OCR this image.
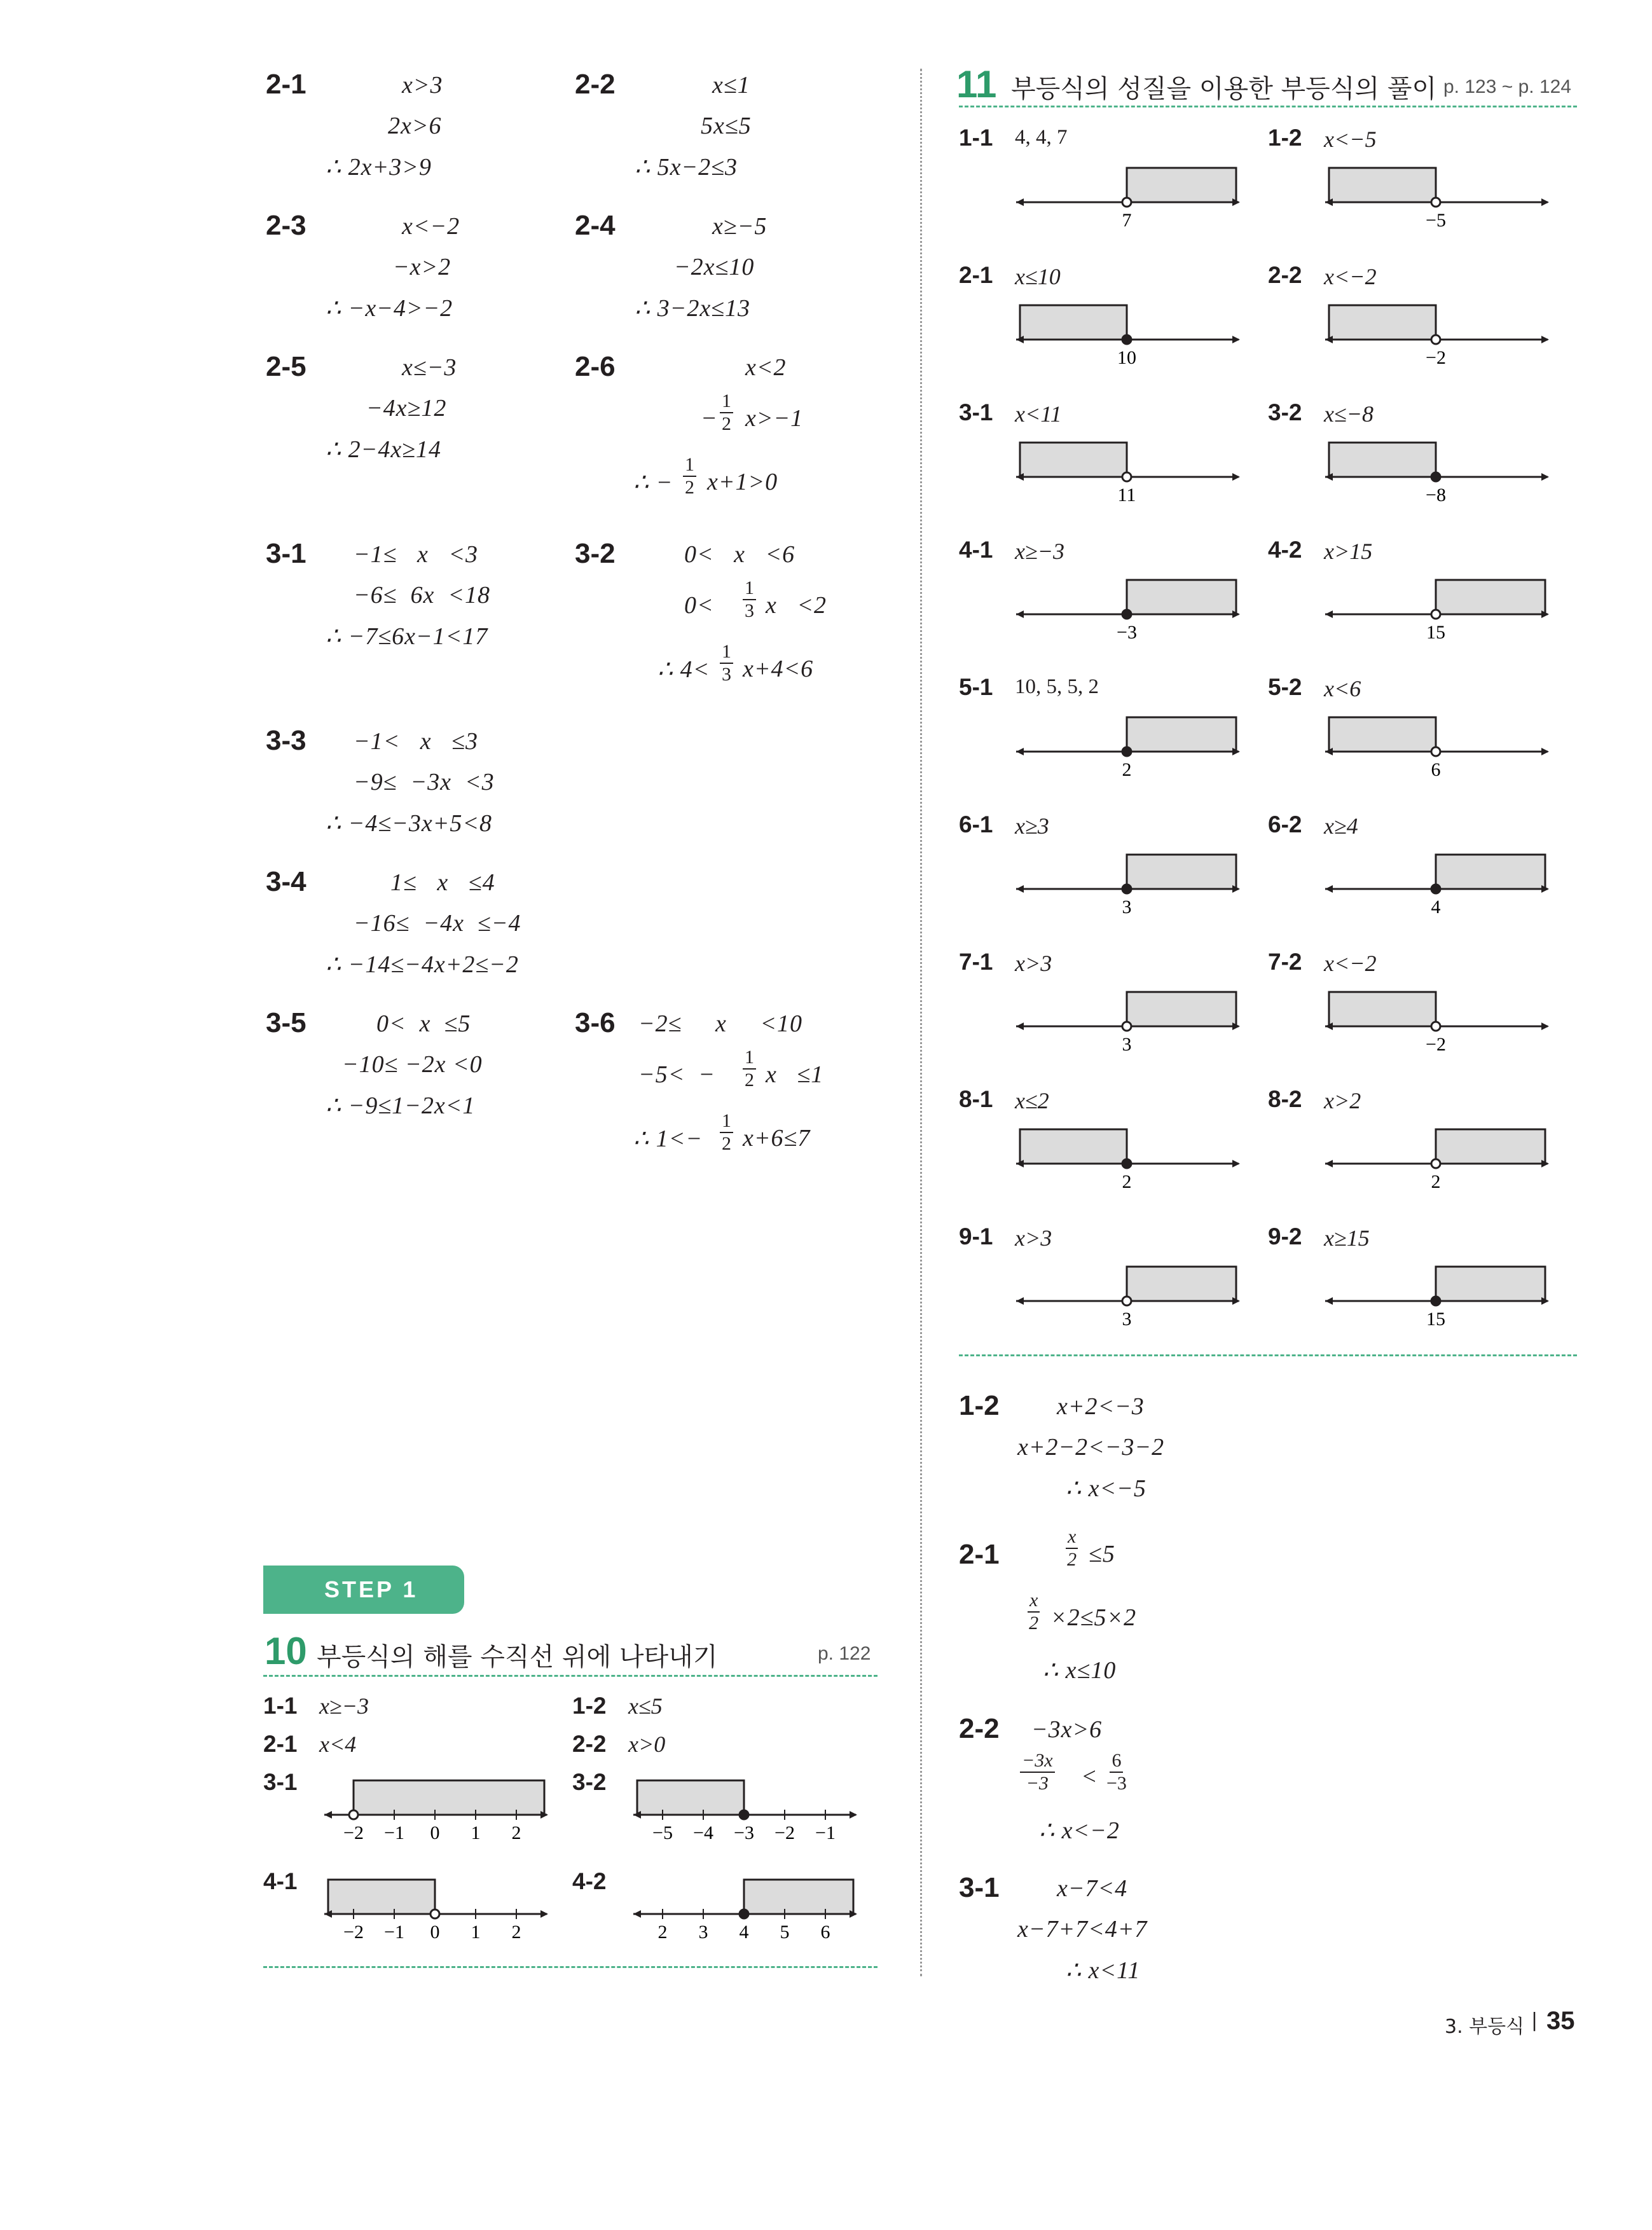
2-1	x>3
2x>6
∴ 2x+3>9
2-2	x≤1
5x≤5
∴ 5x−2≤3
2-3	x<−2
−x>2
∴ −x−4>−2
2-4	x≥−5
−2x≤10
∴ 3−2x≤13
2-5	x≤−3
−4x≥12
∴ 2−4x≥14
2-6	x<2
− $\frac{1}{2} x>-1$
∴ − $\frac{1}{2} x+1>0$
3-1 −1≤   x   <3
−6≤  6x  <18
∴ −7≤6x−1<17
3-2	0<   x   <6
$0< \frac{1}{3}$ x   <2
∴ $4< \frac{1}{3} x+4<6$
3-3 −1<   x   ≤3
−9≤  −3x  <3
∴ −4≤−3x+5<8
3-4	1≤   x   ≤4
−16≤  −4x  ≤−4
∴ −14≤−4x+2≤−2
3-5	0<  x  ≤5
−10≤ −2x <0
∴ −9≤1−2x<1
3-6 −2≤     x     <10
$-5< - \frac{1}{2}$ x   ≤1
∴ $1<- \frac{1}{2} x+6\le 7$
STEP 1
10 부등식의 해를 수직선 위에 나타내기	p. 122
1-1 x≥−3	1-2 x≤5
2-1 x<4	2-2 x>0
3-1	3-2
4-1	4-2
−2 −1 0 1 2	−5 −4 −3 −2 −1
−2 −1 0 1 2	2 3 4 5 6
11 부등식의 성질을 이용한 부등식의 풀이 p. 123 ~ p. 124
1-1 4, 4, 7
7
1-2 x<−5
−5
2-1 x≤10
10
2-2 x<−2
−2
3-1 x<11
11
3-2 x≤−8
−8
4-1 x≥−3
−3
4-2 x>15
15
5-1 10, 5, 5, 2
2
5-2 x<6
6
6-1 x≥3
3
6-2 x≥4
4
7-1 x>3
3
7-2 x<−2
−2
8-1 x≤2
2
8-2 x>2
2
9-1 x>3
3
9-2 x≥15
15
1-2 x+2<−3
x+2−2<−3−2
∴ x<−5
2-1	$\frac{x}{2} \le 5$
$\frac{x}{2} \times 2\le 5\times 2$
∴ x≤10
2-2 −3x>6
$\frac{-3x}{-3} < \frac{6}{-3}$
∴ x<−2
3-1 x−7<4
x−7+7<4+7
∴ x<11
3. 부등식 | 35
